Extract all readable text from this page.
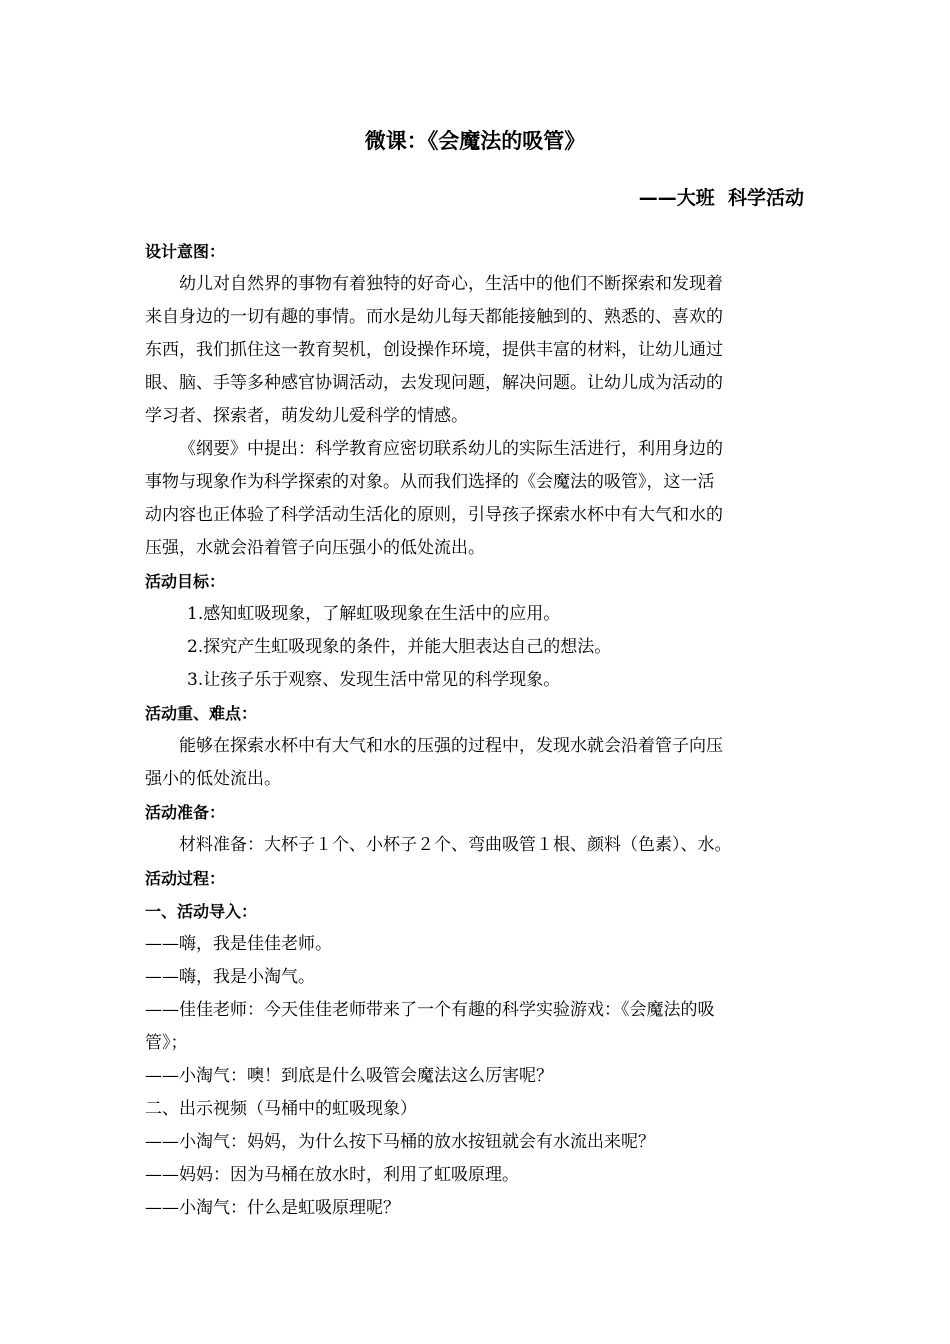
微课：《会魔法的吸管》
——大班  科学活动
设计意图：
幼儿对自然界的事物有着独特的好奇心，生活中的他们不断探索和发现着
来自身边的一切有趣的事情。而水是幼儿每天都能接触到的、熟悉的、喜欢的
东西，我们抓住这一教育契机，创设操作环境，提供丰富的材料，让幼儿通过
眼、脑、手等多种感官协调活动，去发现问题，解决问题。让幼儿成为活动的
学习者、探索者，萌发幼儿爱科学的情感。
《纲要》中提出：科学教育应密切联系幼儿的实际生活进行，利用身边的
事物与现象作为科学探索的对象。从而我们选择的《会魔法的吸管》，这一活
动内容也正体验了科学活动生活化的原则，引导孩子探索水杯中有大气和水的
压强，水就会沿着管子向压强小的低处流出。
活动目标：
1.感知虹吸现象，了解虹吸现象在生活中的应用。
2.探究产生虹吸现象的条件，并能大胆表达自己的想法。
3.让孩子乐于观察、发现生活中常见的科学现象。
活动重、难点：
能够在探索水杯中有大气和水的压强的过程中，发现水就会沿着管子向压
强小的低处流出。
活动准备：
材料准备：大杯子１个、小杯子２个、弯曲吸管１根、颜料（色素）、水。
活动过程：
一、活动导入：
——嗨，我是佳佳老师。
——嗨，我是小淘气。
——佳佳老师：今天佳佳老师带来了一个有趣的科学实验游戏：《会魔法的吸
管》；
——小淘气：噢！到底是什么吸管会魔法这么厉害呢？
二、出示视频（马桶中的虹吸现象）
——小淘气：妈妈，为什么按下马桶的放水按钮就会有水流出来呢？
——妈妈：因为马桶在放水时，利用了虹吸原理。
——小淘气：什么是虹吸原理呢？
